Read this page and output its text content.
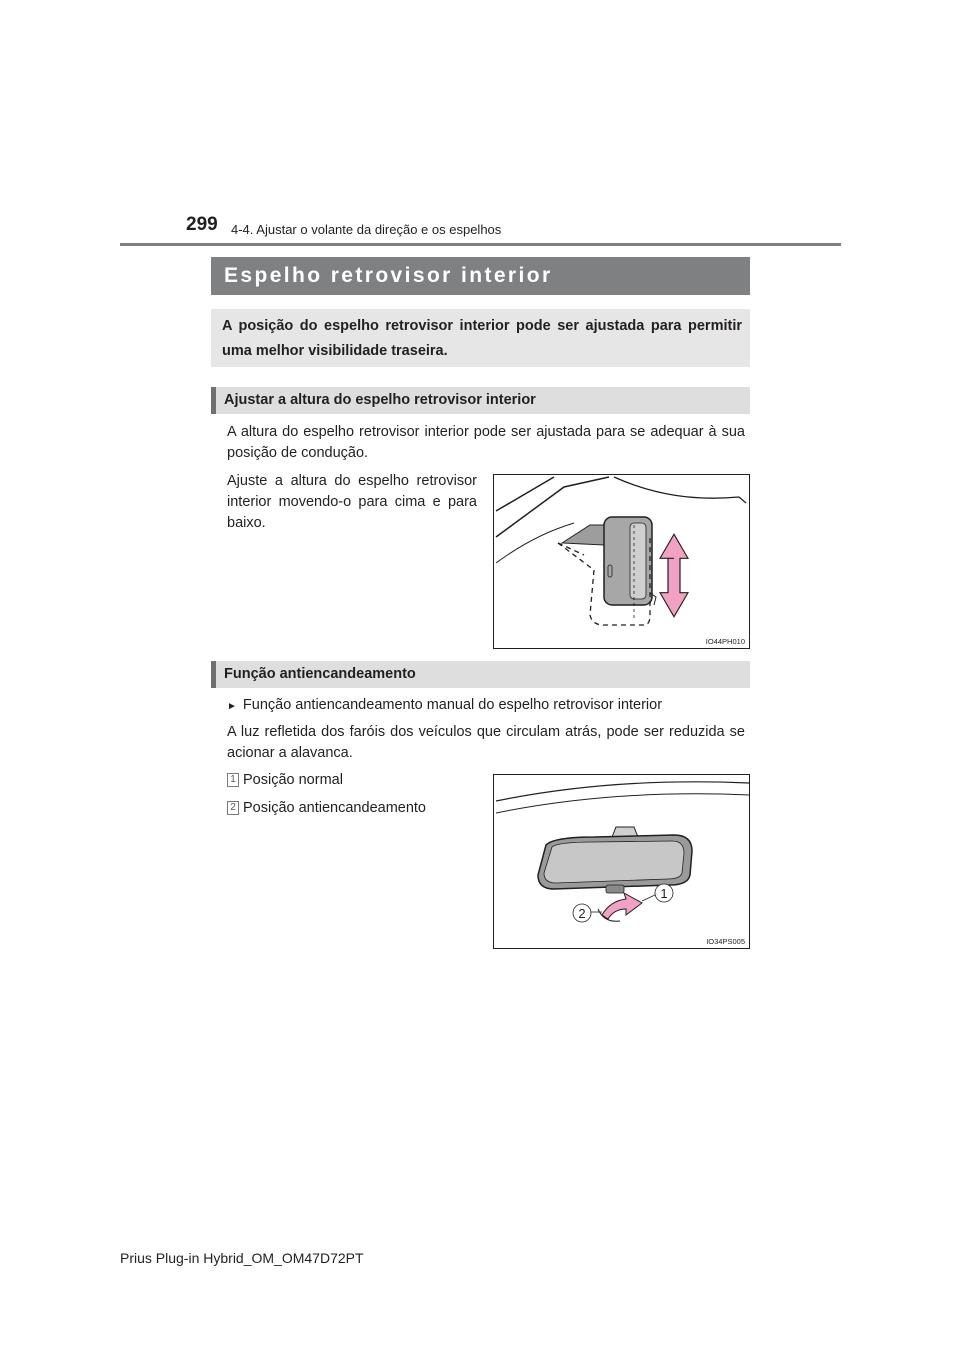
299 4-4. Ajustar o volante da direção e os espelhos
Espelho retrovisor interior
A posição do espelho retrovisor interior pode ser ajustada para permitir uma melhor visibilidade traseira.
Ajustar a altura do espelho retrovisor interior
A altura do espelho retrovisor interior pode ser ajustada para se adequar à sua posição de condução.
Ajuste a altura do espelho retrovisor interior movendo-o para cima e para baixo.
IO44PH010
Função antiencandeamento
► Função antiencandeamento manual do espelho retrovisor interior
A luz refletida dos faróis dos veículos que circulam atrás, pode ser reduzida se acionar a alavanca.
1 Posição normal
2 Posição antiencandeamento
1
2
IO34PS005
Prius Plug-in Hybrid_OM_OM47D72PT
